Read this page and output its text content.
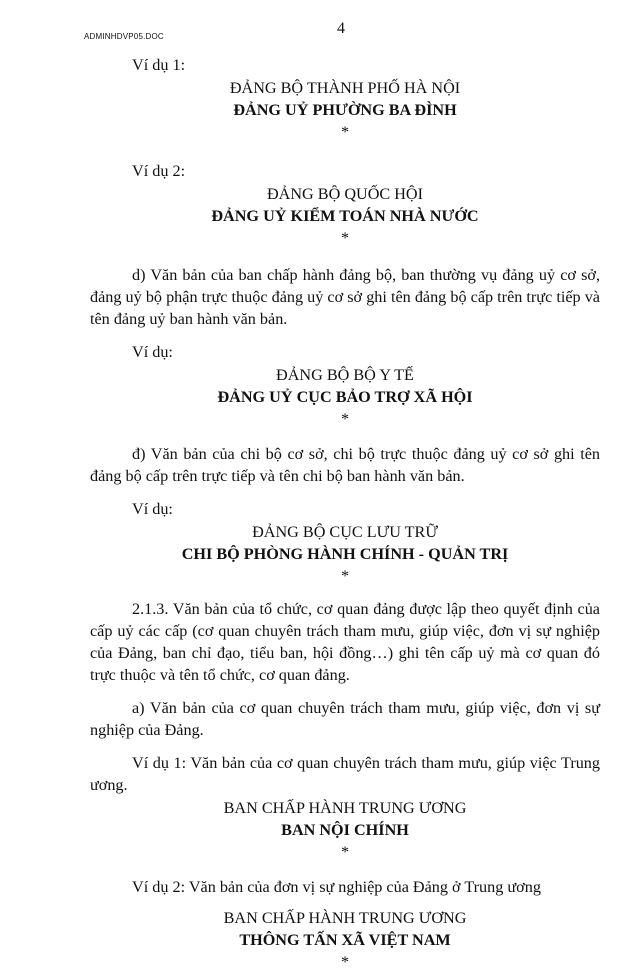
ADMINHDVP05.DOC	4
Ví dụ 1:
ĐẢNG BỘ THÀNH PHỐ HÀ NỘI
ĐẢNG UỶ PHƯỜNG BA ĐÌNH
*
Ví dụ 2:
ĐẢNG BỘ QUỐC HỘI
ĐẢNG UỶ KIỂM TOÁN NHÀ NƯỚC
*
d) Văn bản của ban chấp hành đảng bộ, ban thường vụ đảng uỷ cơ sở, đảng uỷ bộ phận trực thuộc đảng uỷ cơ sở ghi tên đảng bộ cấp trên trực tiếp và tên đảng uỷ ban hành văn bản.
Ví dụ:
ĐẢNG BỘ BỘ Y TẾ
ĐẢNG UỶ CỤC BẢO TRỢ XÃ HỘI
*
đ) Văn bản của chi bộ cơ sở, chi bộ trực thuộc đảng uỷ cơ sở ghi tên đảng bộ cấp trên trực tiếp và tên chi bộ ban hành văn bản.
Ví dụ:
ĐẢNG BỘ CỤC LƯU TRỮ
CHI BỘ PHÒNG HÀNH CHÍNH - QUẢN TRỊ
*
2.1.3. Văn bản của tổ chức, cơ quan đảng được lập theo quyết định của cấp uỷ các cấp (cơ quan chuyên trách tham mưu, giúp việc, đơn vị sự nghiệp của Đảng, ban chỉ đạo, tiểu ban, hội đồng…) ghi tên cấp uỷ mà cơ quan đó trực thuộc và tên tổ chức, cơ quan đảng.
a) Văn bản của cơ quan chuyên trách tham mưu, giúp việc, đơn vị sự nghiệp của Đảng.
Ví dụ 1: Văn bản của cơ quan chuyên trách tham mưu, giúp việc Trung ương.
BAN CHẤP HÀNH TRUNG ƯƠNG
BAN NỘI CHÍNH
*
Ví dụ 2: Văn bản của đơn vị sự nghiệp của Đảng ở Trung ương
BAN CHẤP HÀNH TRUNG ƯƠNG
THÔNG TẤN XÃ VIỆT NAM
*
